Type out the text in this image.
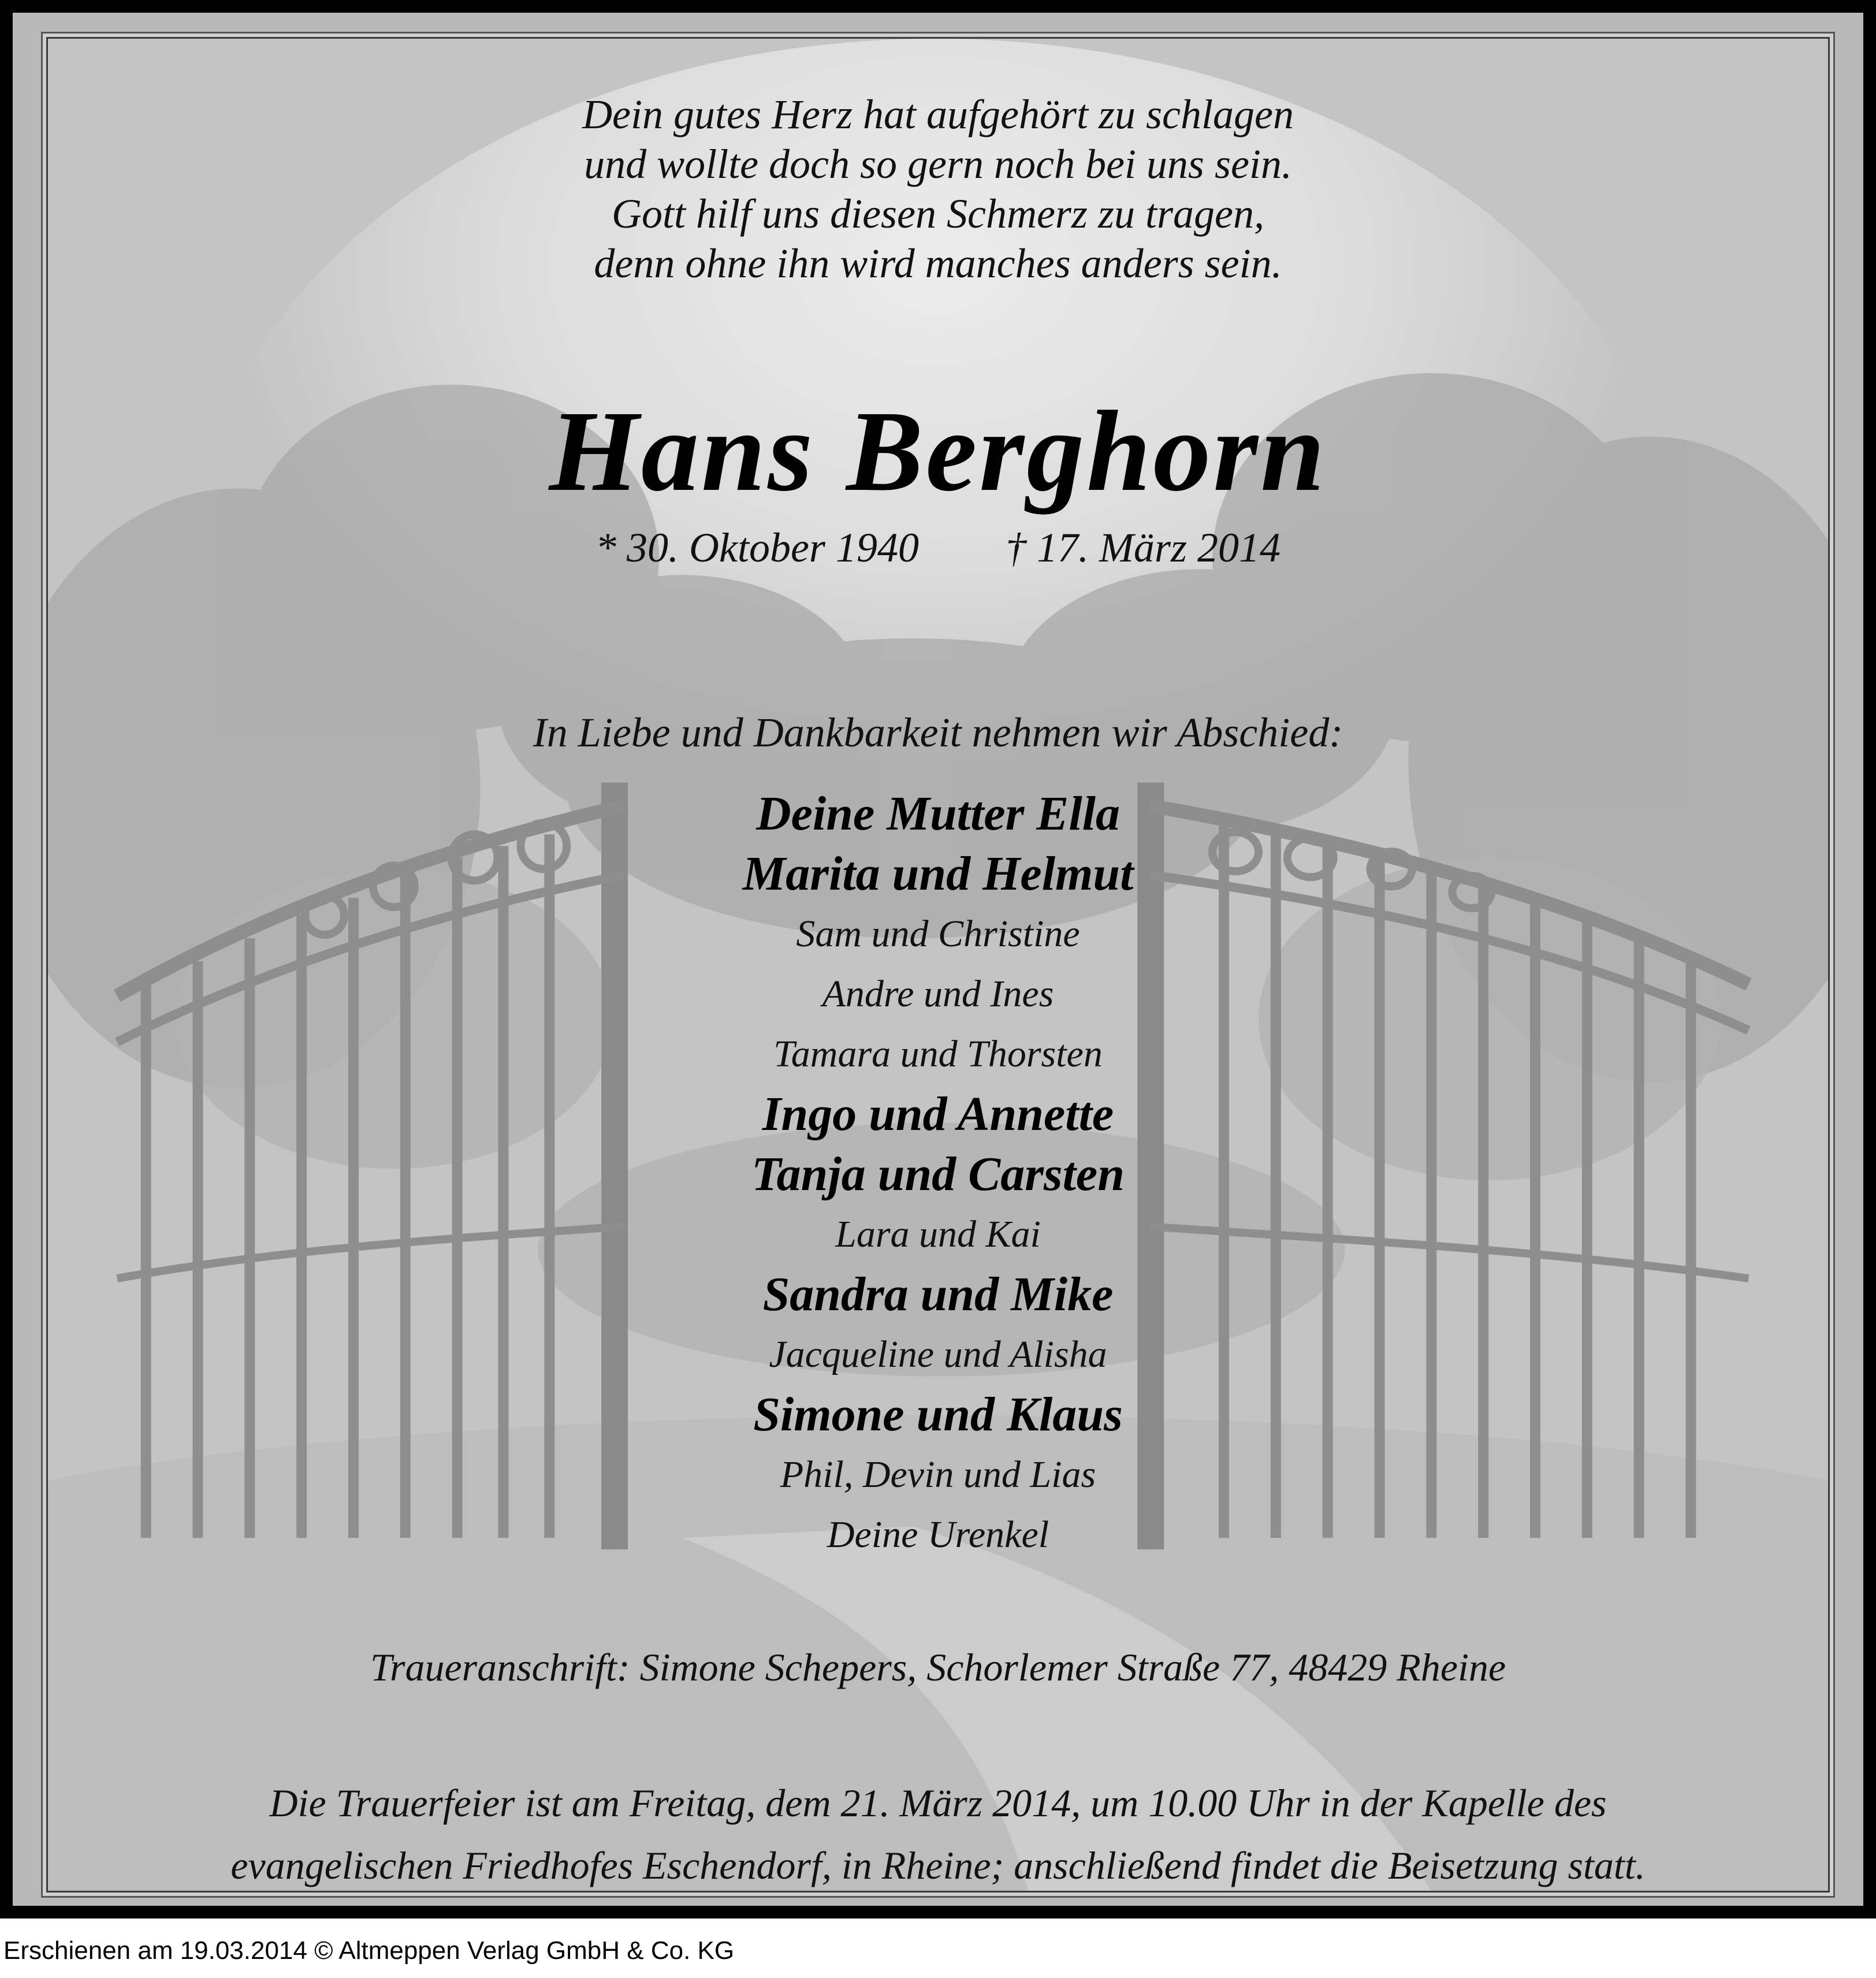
Dein gutes Herz hat aufgehört zu schlagen
und wollte doch so gern noch bei uns sein.
Gott hilf uns diesen Schmerz zu tragen,
denn ohne ihn wird manches anders sein.
Hans Berghorn
* 30. Oktober 1940 † 17. März 2014
In Liebe und Dankbarkeit nehmen wir Abschied:
Deine Mutter Ella
Marita und Helmut
Sam und Christine
Andre und Ines
Tamara und Thorsten
Ingo und Annette
Tanja und Carsten
Lara und Kai
Sandra und Mike
Jacqueline und Alisha
Simone und Klaus
Phil, Devin und Lias
Deine Urenkel
Traueranschrift: Simone Schepers, Schorlemer Straße 77, 48429 Rheine
Die Trauerfeier ist am Freitag, dem 21. März 2014, um 10.00 Uhr in der Kapelle des
evangelischen Friedhofes Eschendorf, in Rheine; anschließend findet die Beisetzung statt.
Erschienen am 19.03.2014 © Altmeppen Verlag GmbH & Co. KG
